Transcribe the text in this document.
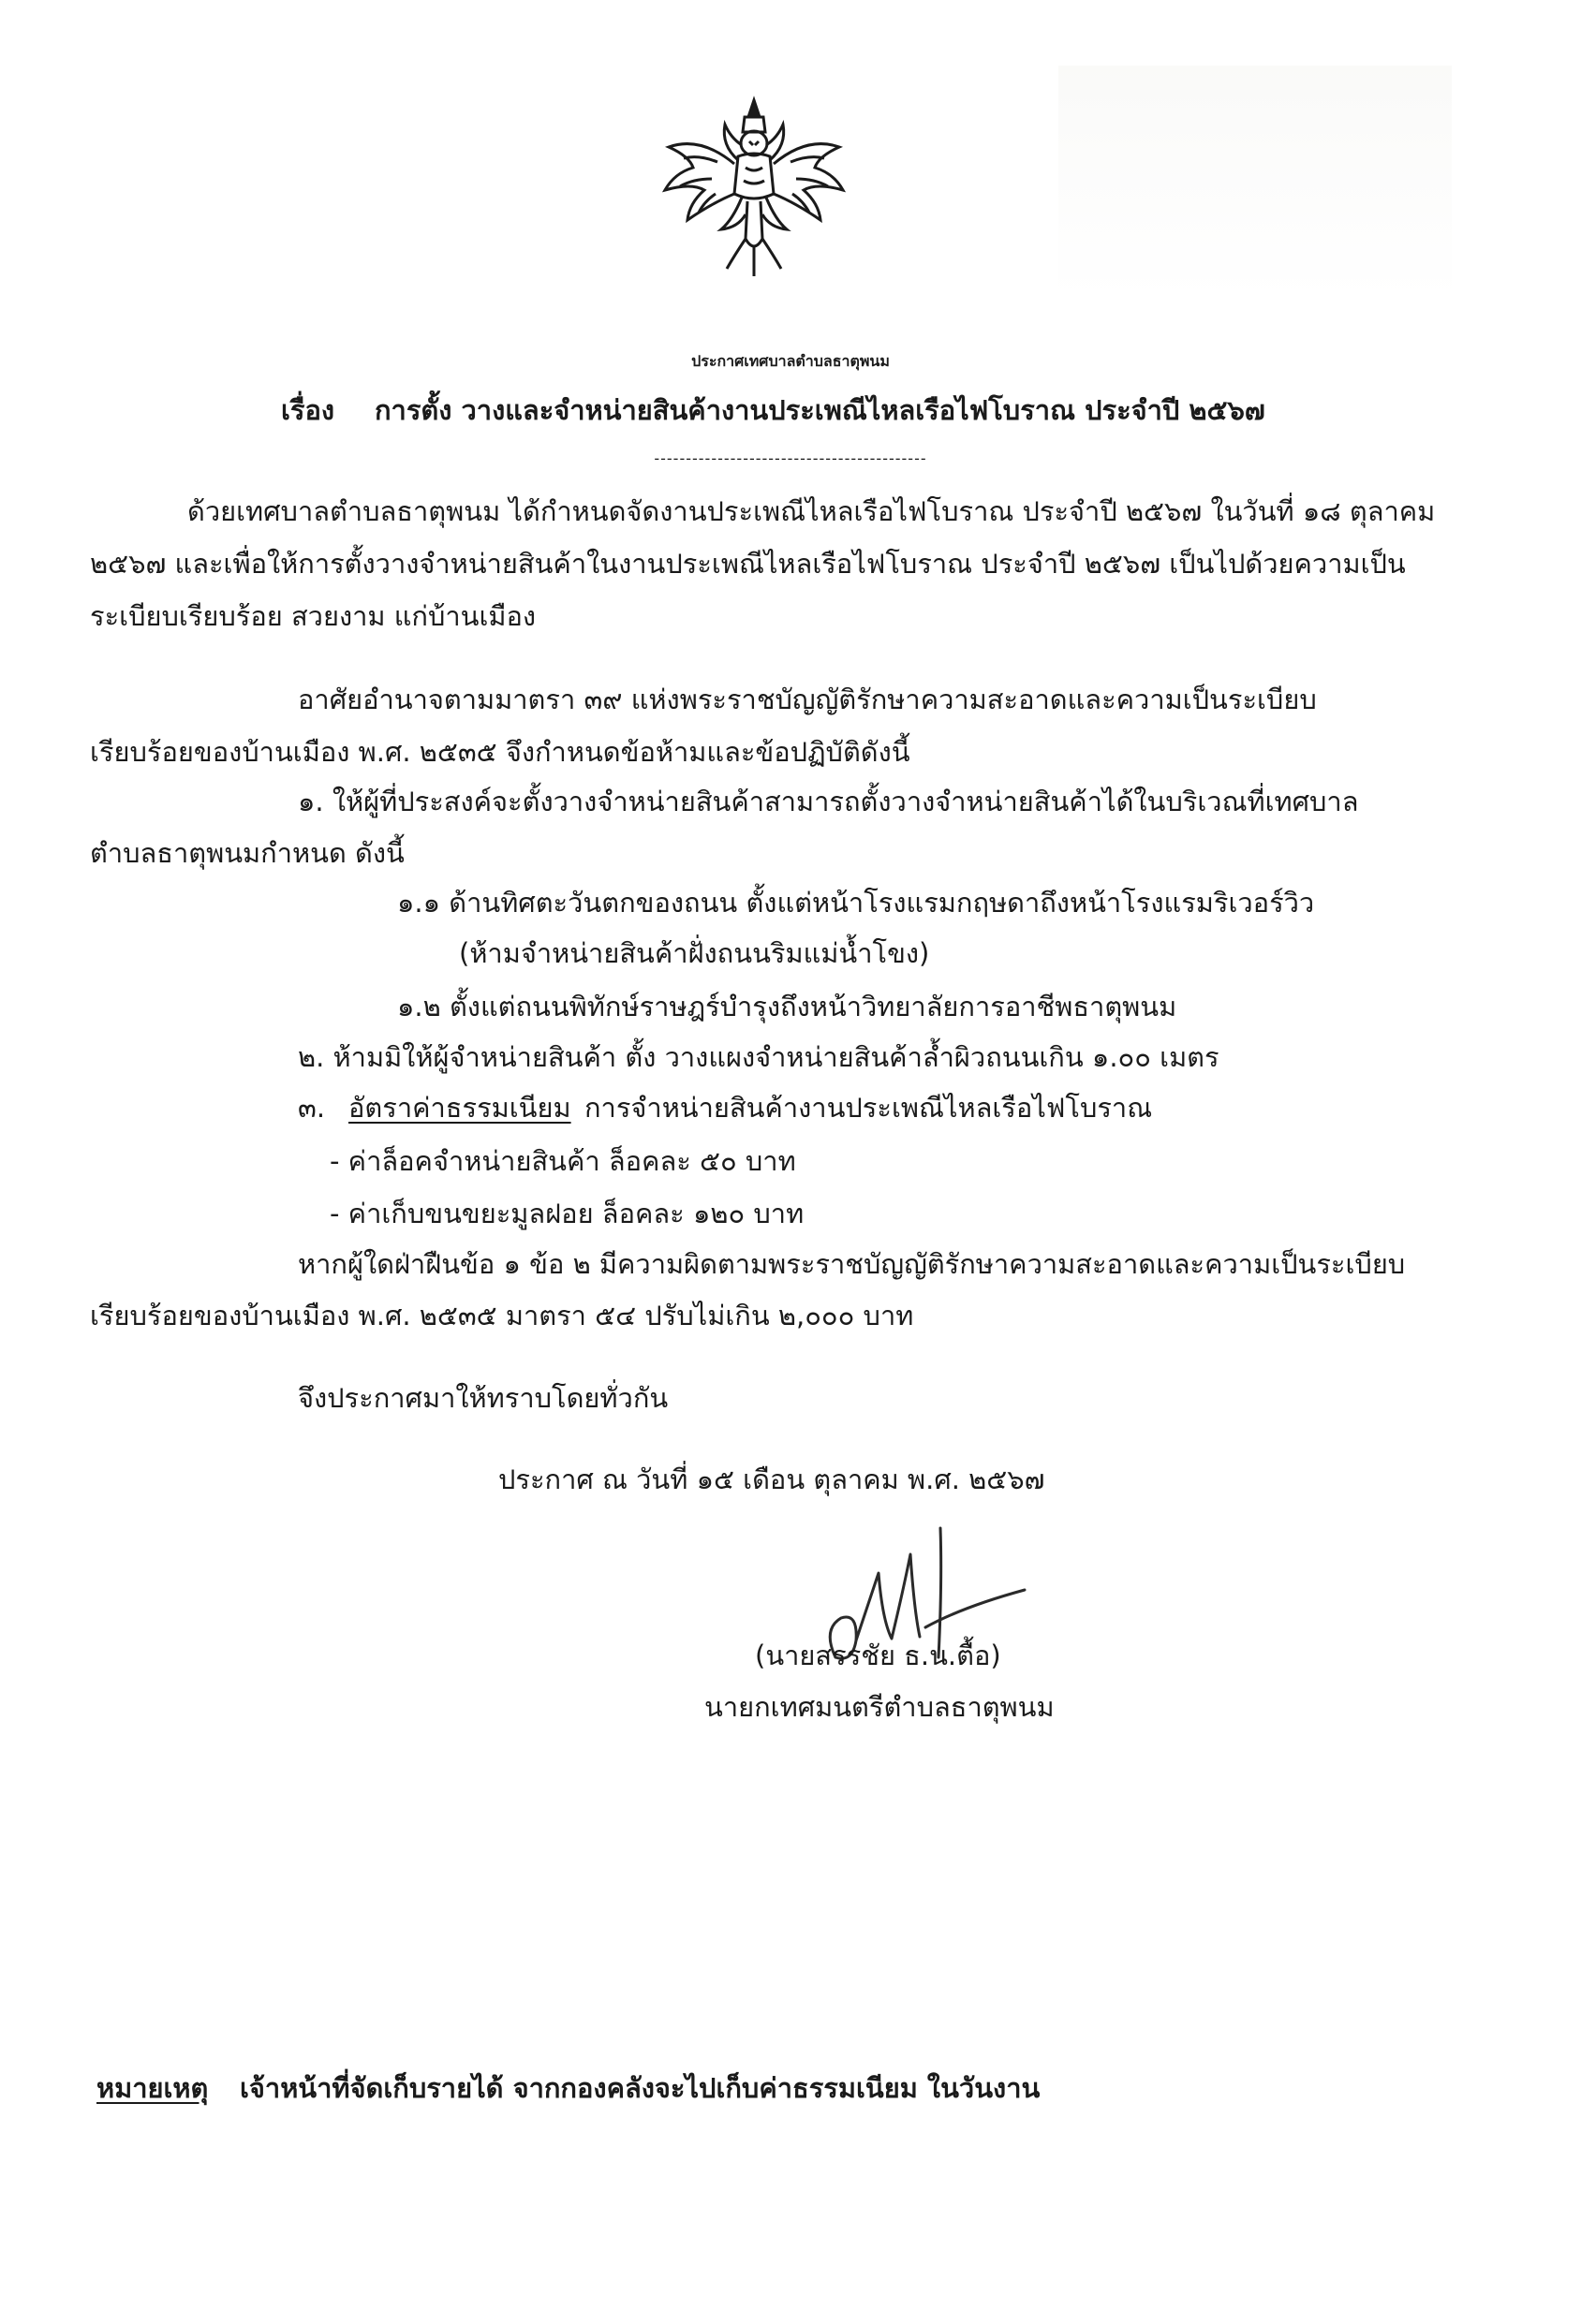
ประกาศเทศบาลตำบลธาตุพนม
เรื่อง การตั้ง วางและจำหน่ายสินค้างานประเพณีไหลเรือไฟโบราณ ประจำปี ๒๕๖๗
-------------------------------------------
ด้วยเทศบาลตำบลธาตุพนม ได้กำหนดจัดงานประเพณีไหลเรือไฟโบราณ ประจำปี ๒๕๖๗ ในวันที่ ๑๘ ตุลาคม
๒๕๖๗ และเพื่อให้การตั้งวางจำหน่ายสินค้าในงานประเพณีไหลเรือไฟโบราณ ประจำปี ๒๕๖๗ เป็นไปด้วยความเป็น
ระเบียบเรียบร้อย สวยงาม แก่บ้านเมือง
อาศัยอำนาจตามมาตรา ๓๙ แห่งพระราชบัญญัติรักษาความสะอาดและความเป็นระเบียบ
เรียบร้อยของบ้านเมือง พ.ศ. ๒๕๓๕ จึงกำหนดข้อห้ามและข้อปฏิบัติดังนี้
๑. ให้ผู้ที่ประสงค์จะตั้งวางจำหน่ายสินค้าสามารถตั้งวางจำหน่ายสินค้าได้ในบริเวณที่เทศบาล
ตำบลธาตุพนมกำหนด ดังนี้
๑.๑ ด้านทิศตะวันตกของถนน ตั้งแต่หน้าโรงแรมกฤษดาถึงหน้าโรงแรมริเวอร์วิว
(ห้ามจำหน่ายสินค้าฝั่งถนนริมแม่น้ำโขง)
๑.๒ ตั้งแต่ถนนพิทักษ์ราษฎร์บำรุงถึงหน้าวิทยาลัยการอาชีพธาตุพนม
๒. ห้ามมิให้ผู้จำหน่ายสินค้า ตั้ง วางแผงจำหน่ายสินค้าล้ำผิวถนนเกิน ๑.๐๐ เมตร
๓. อัตราค่าธรรมเนียม การจำหน่ายสินค้างานประเพณีไหลเรือไฟโบราณ
- ค่าล็อคจำหน่ายสินค้า ล็อคละ ๕๐ บาท
- ค่าเก็บขนขยะมูลฝอย ล็อคละ ๑๒๐ บาท
หากผู้ใดฝ่าฝืนข้อ ๑ ข้อ ๒ มีความผิดตามพระราชบัญญัติรักษาความสะอาดและความเป็นระเบียบ
เรียบร้อยของบ้านเมือง พ.ศ. ๒๕๓๕ มาตรา ๕๔ ปรับไม่เกิน ๒,๐๐๐ บาท
จึงประกาศมาให้ทราบโดยทั่วกัน
ประกาศ ณ วันที่ ๑๕ เดือน ตุลาคม พ.ศ. ๒๕๖๗
(นายสรรชัย ธ.น.ตื้อ)
นายกเทศมนตรีตำบลธาตุพนม
หมายเหตุ เจ้าหน้าที่จัดเก็บรายได้ จากกองคลังจะไปเก็บค่าธรรมเนียม ในวันงาน
